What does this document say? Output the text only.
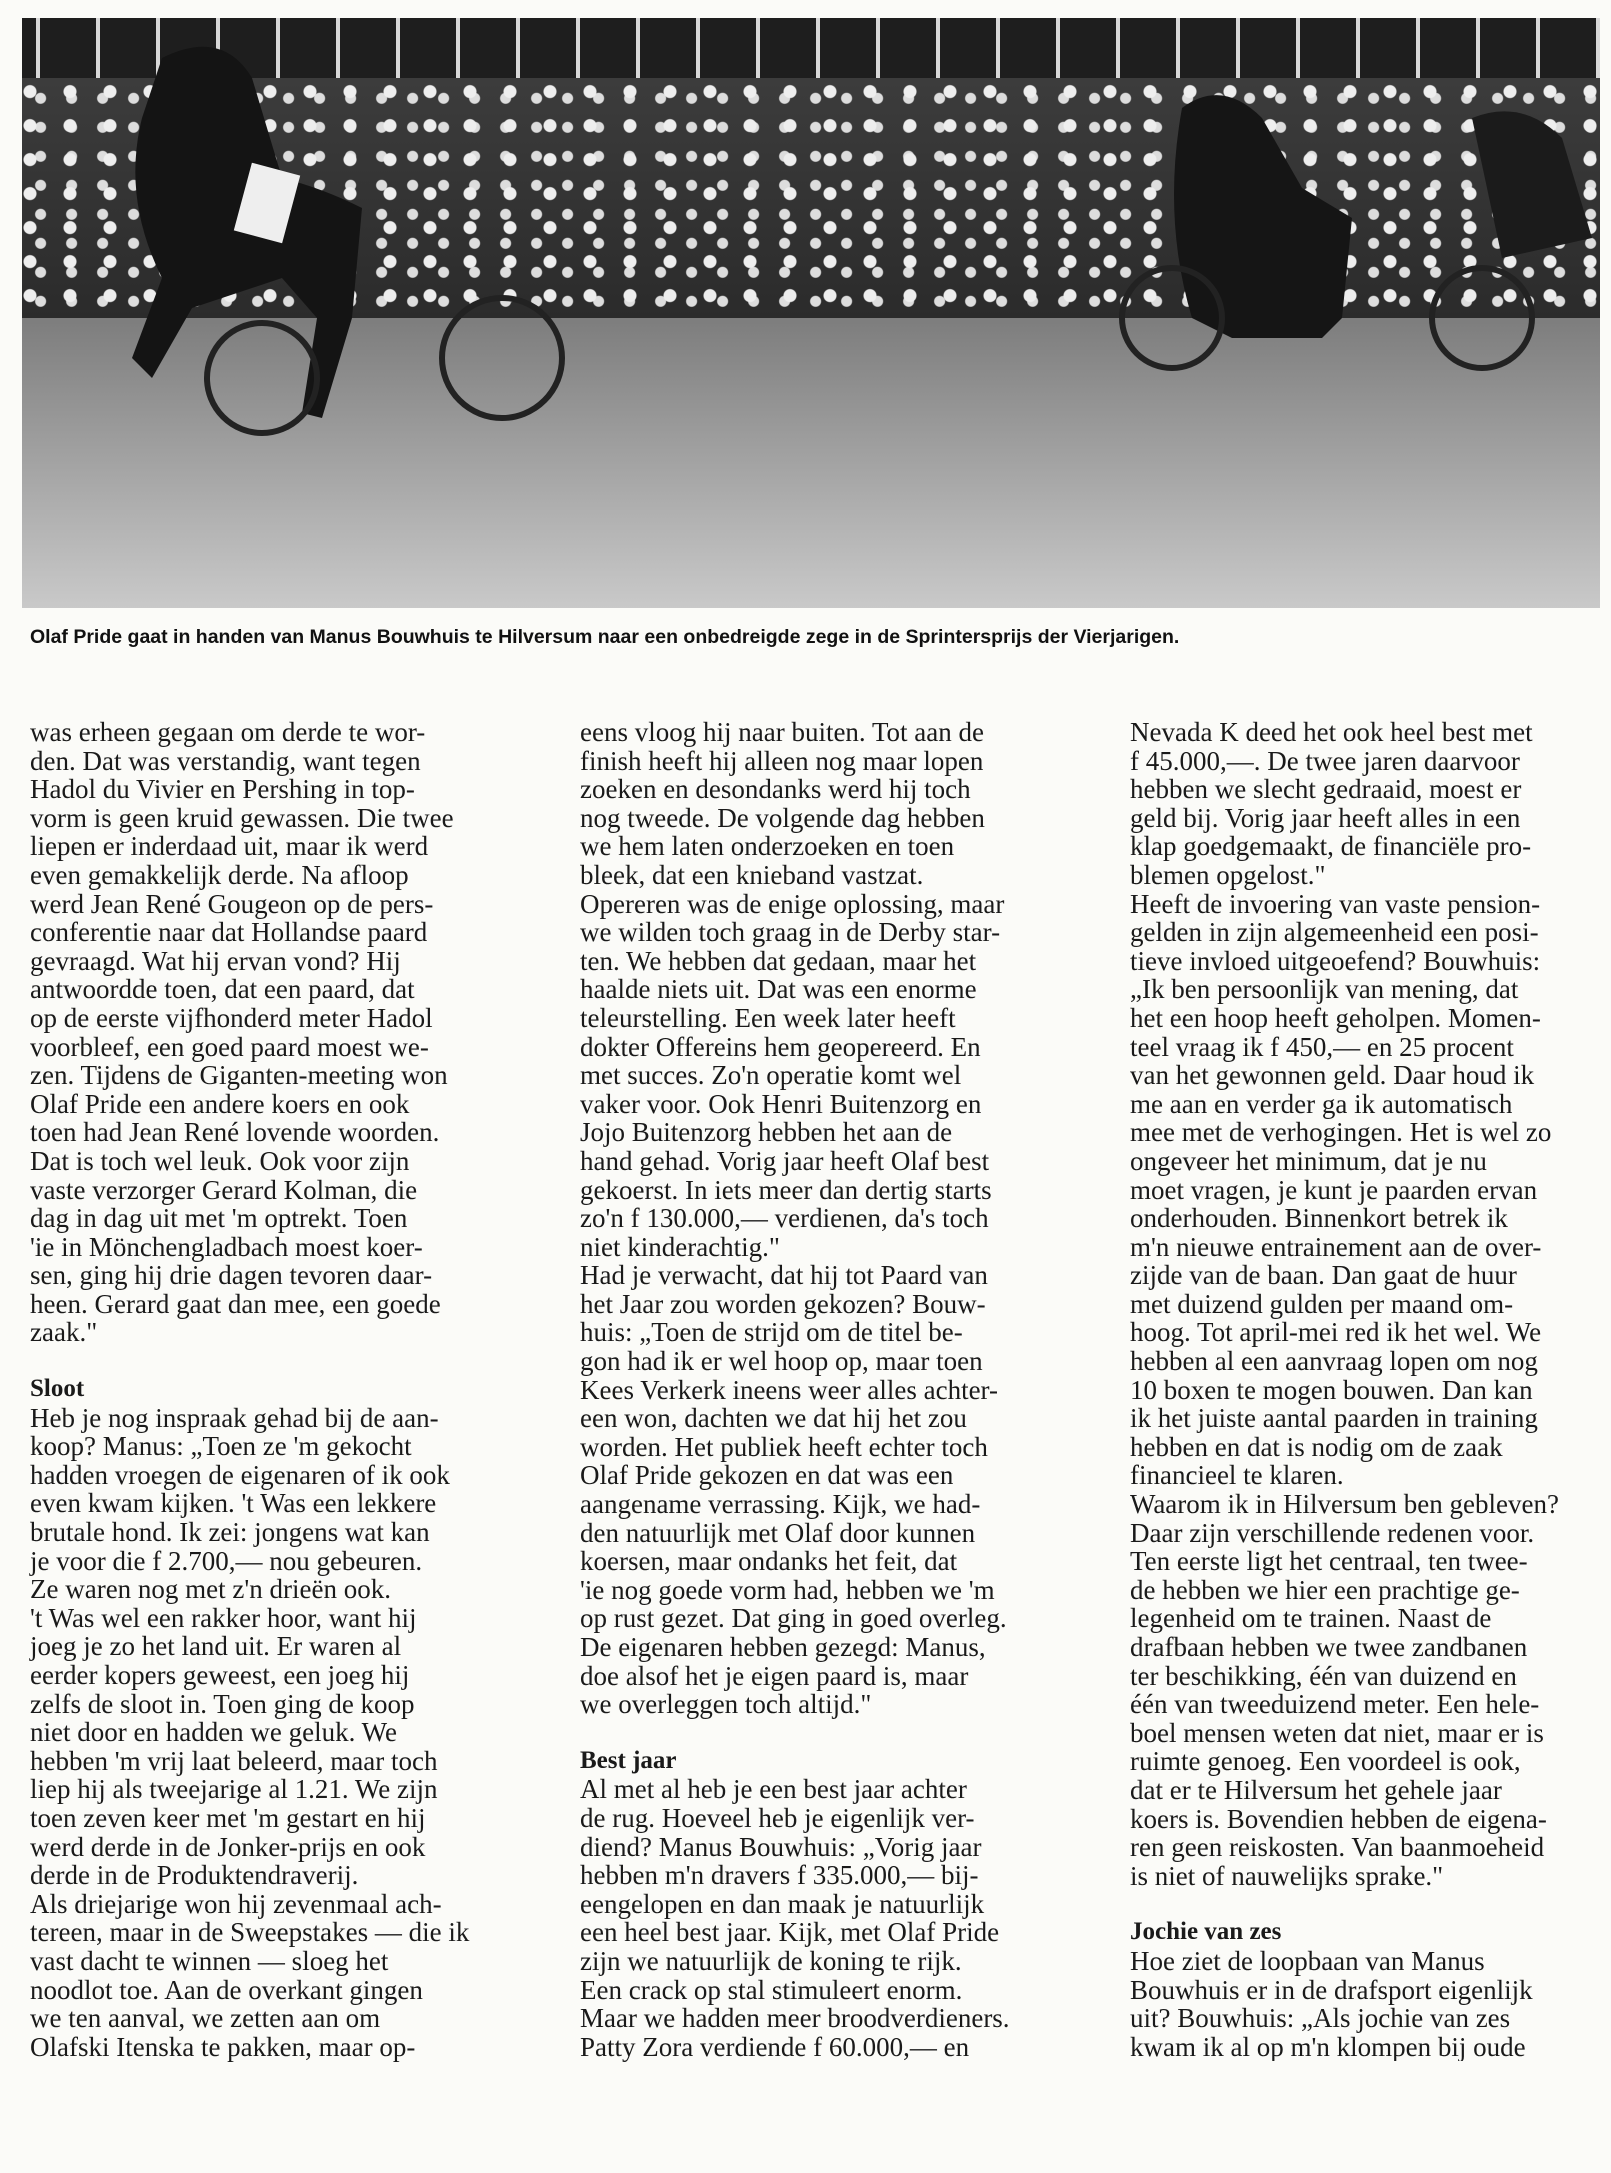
Olaf Pride gaat in handen van Manus Bouwhuis te Hilversum naar een onbedreigde zege in de Sprintersprijs der Vierjarigen.

was erheen gegaan om derde te wor-
den. Dat was verstandig, want tegen
Hadol du Vivier en Pershing in top-
vorm is geen kruid gewassen. Die twee
liepen er inderdaad uit, maar ik werd
even gemakkelijk derde. Na afloop
werd Jean René Gougeon op de pers-
conferentie naar dat Hollandse paard
gevraagd. Wat hij ervan vond? Hij
antwoordde toen, dat een paard, dat
op de eerste vijfhonderd meter Hadol
voorbleef, een goed paard moest we-
zen. Tijdens de Giganten-meeting won
Olaf Pride een andere koers en ook
toen had Jean René lovende woorden.
Dat is toch wel leuk. Ook voor zijn
vaste verzorger Gerard Kolman, die
dag in dag uit met 'm optrekt. Toen
'ie in Mönchengladbach moest koer-
sen, ging hij drie dagen tevoren daar-
heen. Gerard gaat dan mee, een goede
zaak."

Sloot

Heb je nog inspraak gehad bij de aan-
koop? Manus: „Toen ze 'm gekocht
hadden vroegen de eigenaren of ik ook
even kwam kijken. 't Was een lekkere
brutale hond. Ik zei: jongens wat kan
je voor die f 2.700,— nou gebeuren.
Ze waren nog met z'n drieën ook.
't Was wel een rakker hoor, want hij
joeg je zo het land uit. Er waren al
eerder kopers geweest, een joeg hij
zelfs de sloot in. Toen ging de koop
niet door en hadden we geluk. We
hebben 'm vrij laat beleerd, maar toch
liep hij als tweejarige al 1.21. We zijn
toen zeven keer met 'm gestart en hij
werd derde in de Jonker-prijs en ook
derde in de Produktendraverij.
Als driejarige won hij zevenmaal ach-
tereen, maar in de Sweepstakes — die ik
vast dacht te winnen — sloeg het
noodlot toe. Aan de overkant gingen
we ten aanval, we zetten aan om
Olafski Itenska te pakken, maar op-

eens vloog hij naar buiten. Tot aan de
finish heeft hij alleen nog maar lopen
zoeken en desondanks werd hij toch
nog tweede. De volgende dag hebben
we hem laten onderzoeken en toen
bleek, dat een knieband vastzat.
Opereren was de enige oplossing, maar
we wilden toch graag in de Derby star-
ten. We hebben dat gedaan, maar het
haalde niets uit. Dat was een enorme
teleurstelling. Een week later heeft
dokter Offereins hem geopereerd. En
met succes. Zo'n operatie komt wel
vaker voor. Ook Henri Buitenzorg en
Jojo Buitenzorg hebben het aan de
hand gehad. Vorig jaar heeft Olaf best
gekoerst. In iets meer dan dertig starts
zo'n f 130.000,— verdienen, da's toch
niet kinderachtig."
Had je verwacht, dat hij tot Paard van
het Jaar zou worden gekozen? Bouw-
huis: „Toen de strijd om de titel be-
gon had ik er wel hoop op, maar toen
Kees Verkerk ineens weer alles achter-
een won, dachten we dat hij het zou
worden. Het publiek heeft echter toch
Olaf Pride gekozen en dat was een
aangename verrassing. Kijk, we had-
den natuurlijk met Olaf door kunnen
koersen, maar ondanks het feit, dat
'ie nog goede vorm had, hebben we 'm
op rust gezet. Dat ging in goed overleg.
De eigenaren hebben gezegd: Manus,
doe alsof het je eigen paard is, maar
we overleggen toch altijd."

Best jaar

Al met al heb je een best jaar achter
de rug. Hoeveel heb je eigenlijk ver-
diend? Manus Bouwhuis: „Vorig jaar
hebben m'n dravers f 335.000,— bij-
eengelopen en dan maak je natuurlijk
een heel best jaar. Kijk, met Olaf Pride
zijn we natuurlijk de koning te rijk.
Een crack op stal stimuleert enorm.
Maar we hadden meer broodverdieners.
Patty Zora verdiende f 60.000,— en

Nevada K deed het ook heel best met
f 45.000,—. De twee jaren daarvoor
hebben we slecht gedraaid, moest er
geld bij. Vorig jaar heeft alles in een
klap goedgemaakt, de financiële pro-
blemen opgelost."
Heeft de invoering van vaste pension-
gelden in zijn algemeenheid een posi-
tieve invloed uitgeoefend? Bouwhuis:
„Ik ben persoonlijk van mening, dat
het een hoop heeft geholpen. Momen-
teel vraag ik f 450,— en 25 procent
van het gewonnen geld. Daar houd ik
me aan en verder ga ik automatisch
mee met de verhogingen. Het is wel zo
ongeveer het minimum, dat je nu
moet vragen, je kunt je paarden ervan
onderhouden. Binnenkort betrek ik
m'n nieuwe entrainement aan de over-
zijde van de baan. Dan gaat de huur
met duizend gulden per maand om-
hoog. Tot april-mei red ik het wel. We
hebben al een aanvraag lopen om nog
10 boxen te mogen bouwen. Dan kan
ik het juiste aantal paarden in training
hebben en dat is nodig om de zaak
financieel te klaren.
Waarom ik in Hilversum ben gebleven?
Daar zijn verschillende redenen voor.
Ten eerste ligt het centraal, ten twee-
de hebben we hier een prachtige ge-
legenheid om te trainen. Naast de
drafbaan hebben we twee zandbanen
ter beschikking, één van duizend en
één van tweeduizend meter. Een hele-
boel mensen weten dat niet, maar er is
ruimte genoeg. Een voordeel is ook,
dat er te Hilversum het gehele jaar
koers is. Bovendien hebben de eigena-
ren geen reiskosten. Van baanmoeheid
is niet of nauwelijks sprake."

Jochie van zes

Hoe ziet de loopbaan van Manus
Bouwhuis er in de drafsport eigenlijk
uit? Bouwhuis: „Als jochie van zes
kwam ik al op m'n klompen bij oude
